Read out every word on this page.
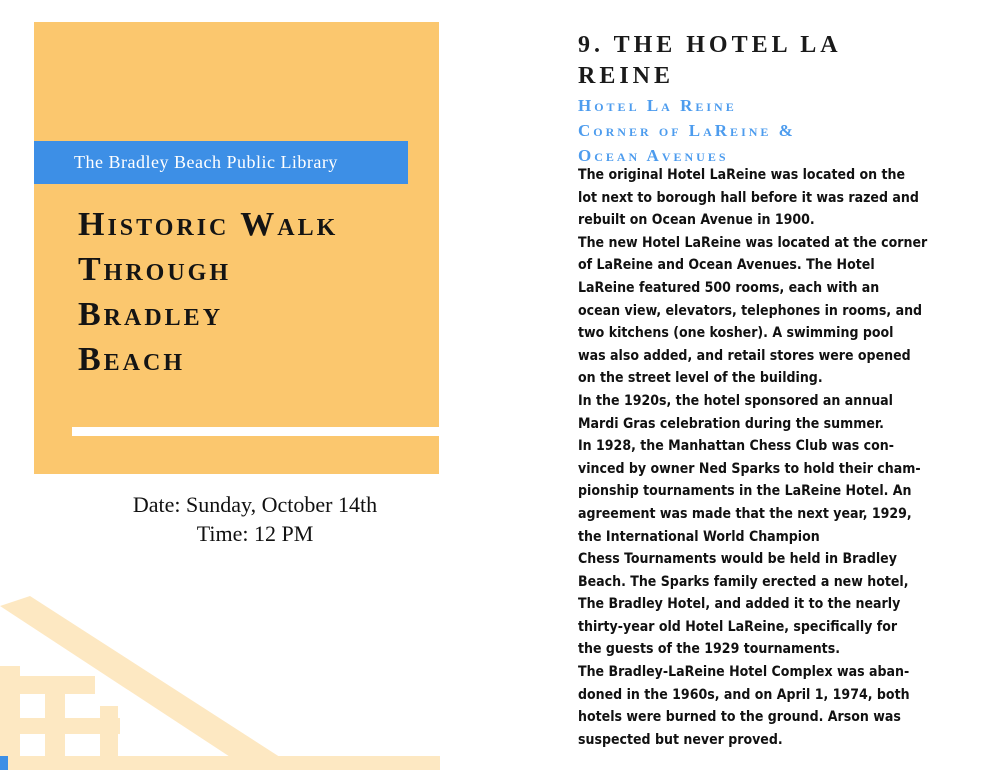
The Bradley Beach Public Library
Historic Walk
Through
Bradley
Beach
Date: Sunday, October 14th
Time: 12 PM
9. THE HOTEL LA
REINE
Hotel La Reine
Corner of LaReine &
Ocean Avenues
The original Hotel LaReine was located on the
lot next to borough hall before it was razed and
rebuilt on Ocean Avenue in 1900.
The new Hotel LaReine was located at the corner
of LaReine and Ocean Avenues. The Hotel
LaReine featured 500 rooms, each with an
ocean view, elevators, telephones in rooms, and
two kitchens (one kosher). A swimming pool
was also added, and retail stores were opened
on the street level of the building.
In the 1920s, the hotel sponsored an annual
Mardi Gras celebration during the summer.
In 1928, the Manhattan Chess Club was con-
vinced by owner Ned Sparks to hold their cham-
pionship tournaments in the LaReine Hotel. An
agreement was made that the next year, 1929,
the International World Champion
Chess Tournaments would be held in Bradley
Beach. The Sparks family erected a new hotel,
The Bradley Hotel, and added it to the nearly
thirty-year old Hotel LaReine, specifically for
the guests of the 1929 tournaments.
The Bradley-LaReine Hotel Complex was aban-
doned in the 1960s, and on April 1, 1974, both
hotels were burned to the ground. Arson was
suspected but never proved.
